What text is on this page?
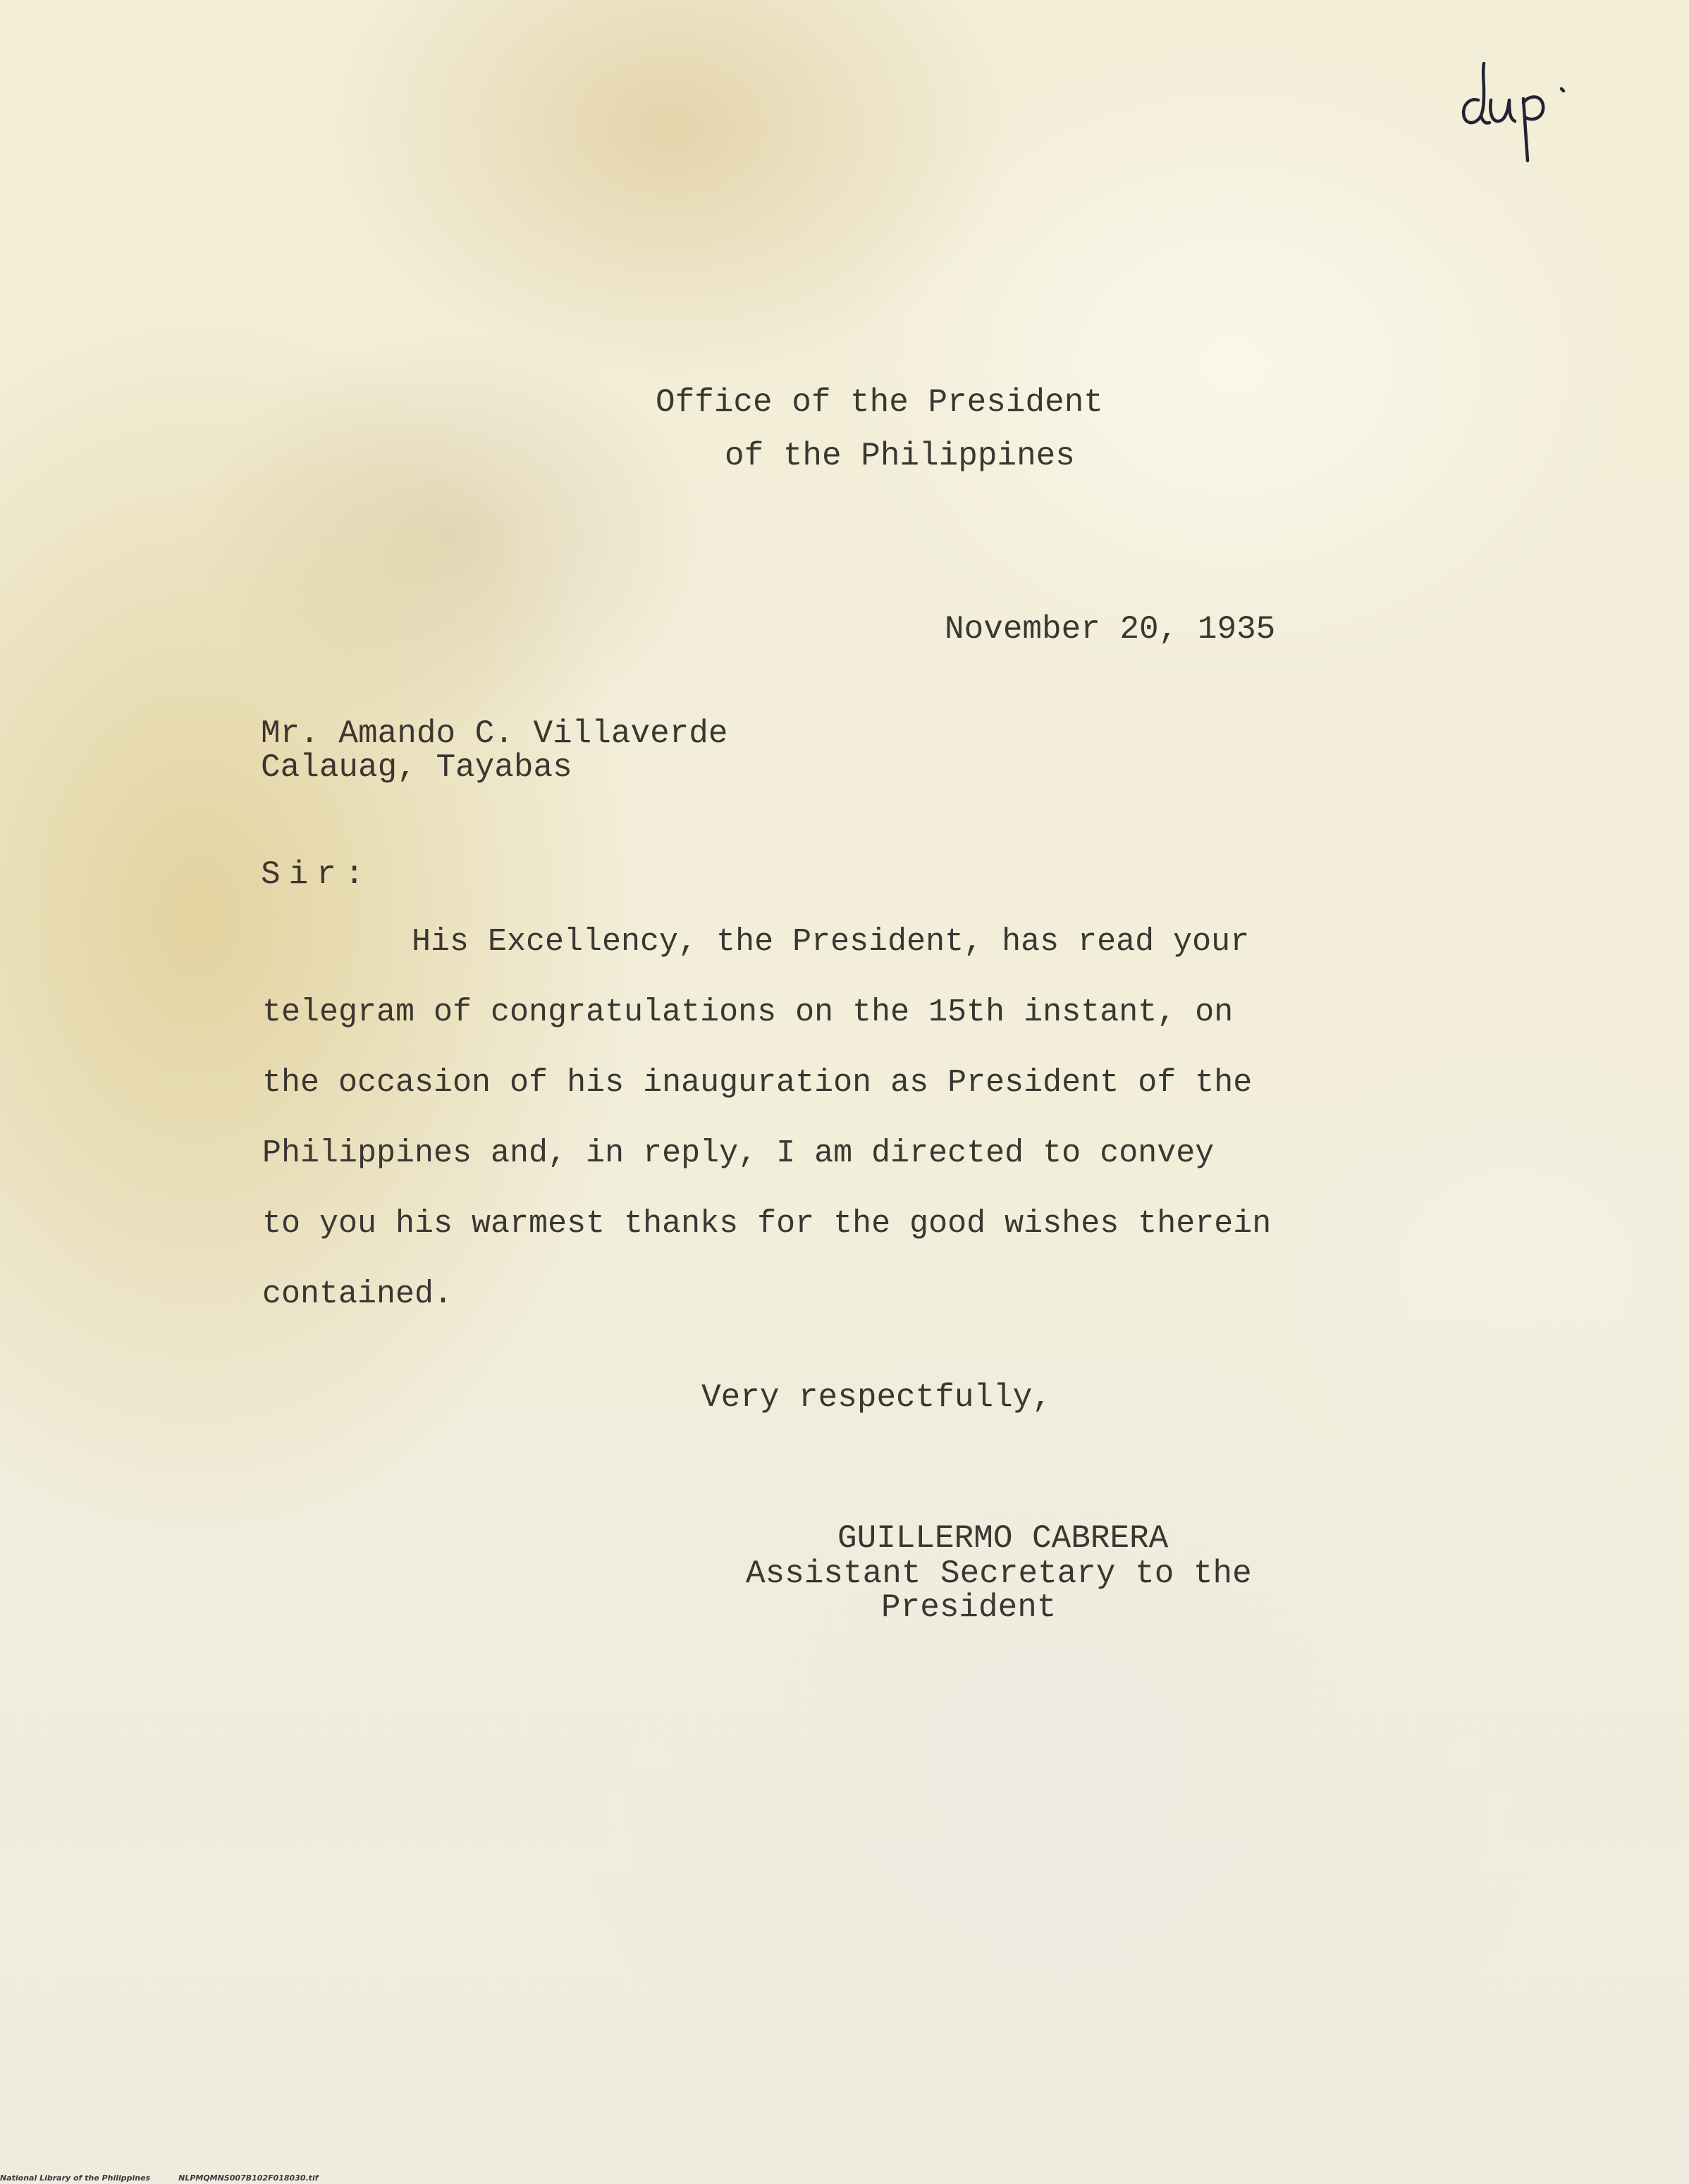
Office of the President

of the Philippines

November 20, 1935

Mr. Amando C. Villaverde

Calauag, Tayabas

Sir:

His Excellency, the President, has read your

telegram of congratulations on the 15th instant, on

the occasion of his inauguration as President of the

Philippines and, in reply, I am directed to convey

to you his warmest thanks for the good wishes therein

contained.

Very respectfully,

GUILLERMO CABRERA

Assistant Secretary to the

President

National Library of the Philippines	NLPMQMNS007B102F018030.tif
